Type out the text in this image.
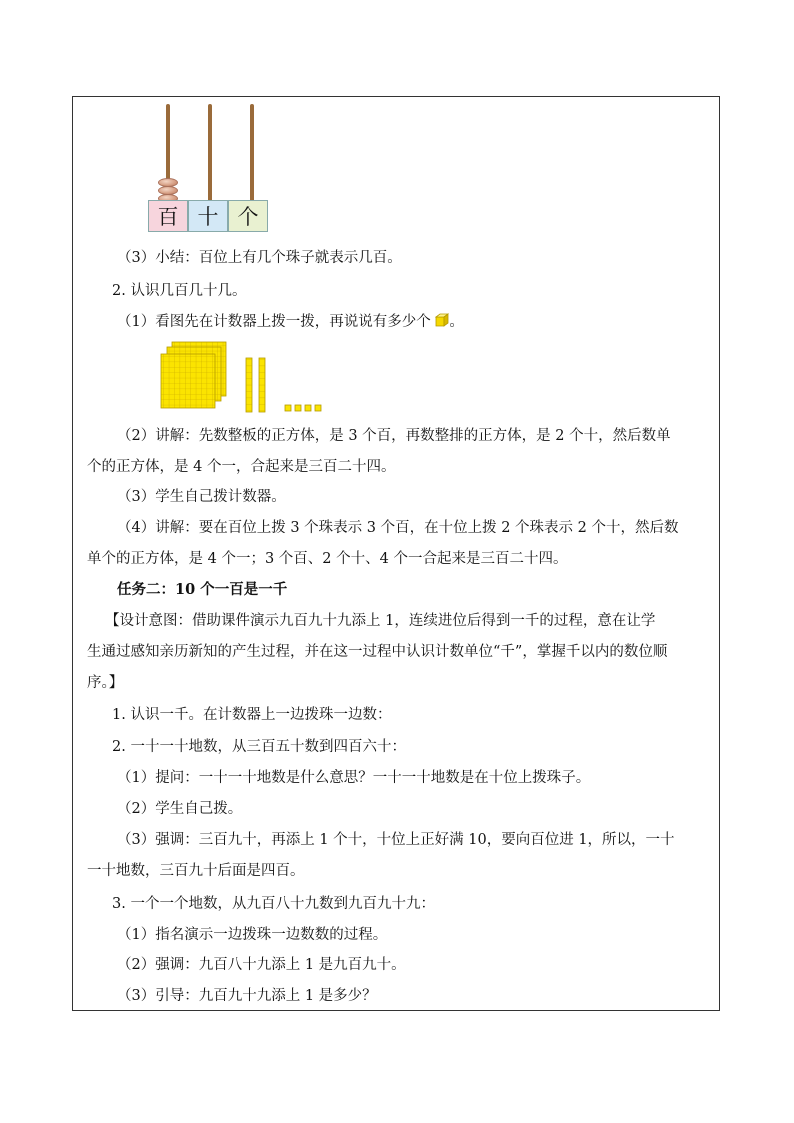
百 十 个
（3）小结：百位上有几个珠子就表示几百。
2. 认识几百几十几。
（1）看图先在计数器上拨一拨，再说说有多少个 。
（2）讲解：先数整板的正方体，是 3 个百，再数整排的正方体，是 2 个十，然后数单
个的正方体，是 4 个一，合起来是三百二十四。
（3）学生自己拨计数器。
（4）讲解：要在百位上拨 3 个珠表示 3 个百，在十位上拨 2 个珠表示 2 个十，然后数
单个的正方体，是 4 个一；3 个百、2 个十、4 个一合起来是三百二十四。
任务二：10 个一百是一千
【设计意图：借助课件演示九百九十九添上 1，连续进位后得到一千的过程，意在让学
生通过感知亲历新知的产生过程，并在这一过程中认识计数单位“千”，掌握千以内的数位顺
序。】
1. 认识一千。在计数器上一边拨珠一边数：
2. 一十一十地数，从三百五十数到四百六十：
（1）提问：一十一十地数是什么意思？一十一十地数是在十位上拨珠子。
（2）学生自己拨。
（3）强调：三百九十，再添上 1 个十，十位上正好满 10，要向百位进 1，所以，一十
一十地数，三百九十后面是四百。
3. 一个一个地数，从九百八十九数到九百九十九：
（1）指名演示一边拨珠一边数数的过程。
（2）强调：九百八十九添上 1 是九百九十。
（3）引导：九百九十九添上 1 是多少？
